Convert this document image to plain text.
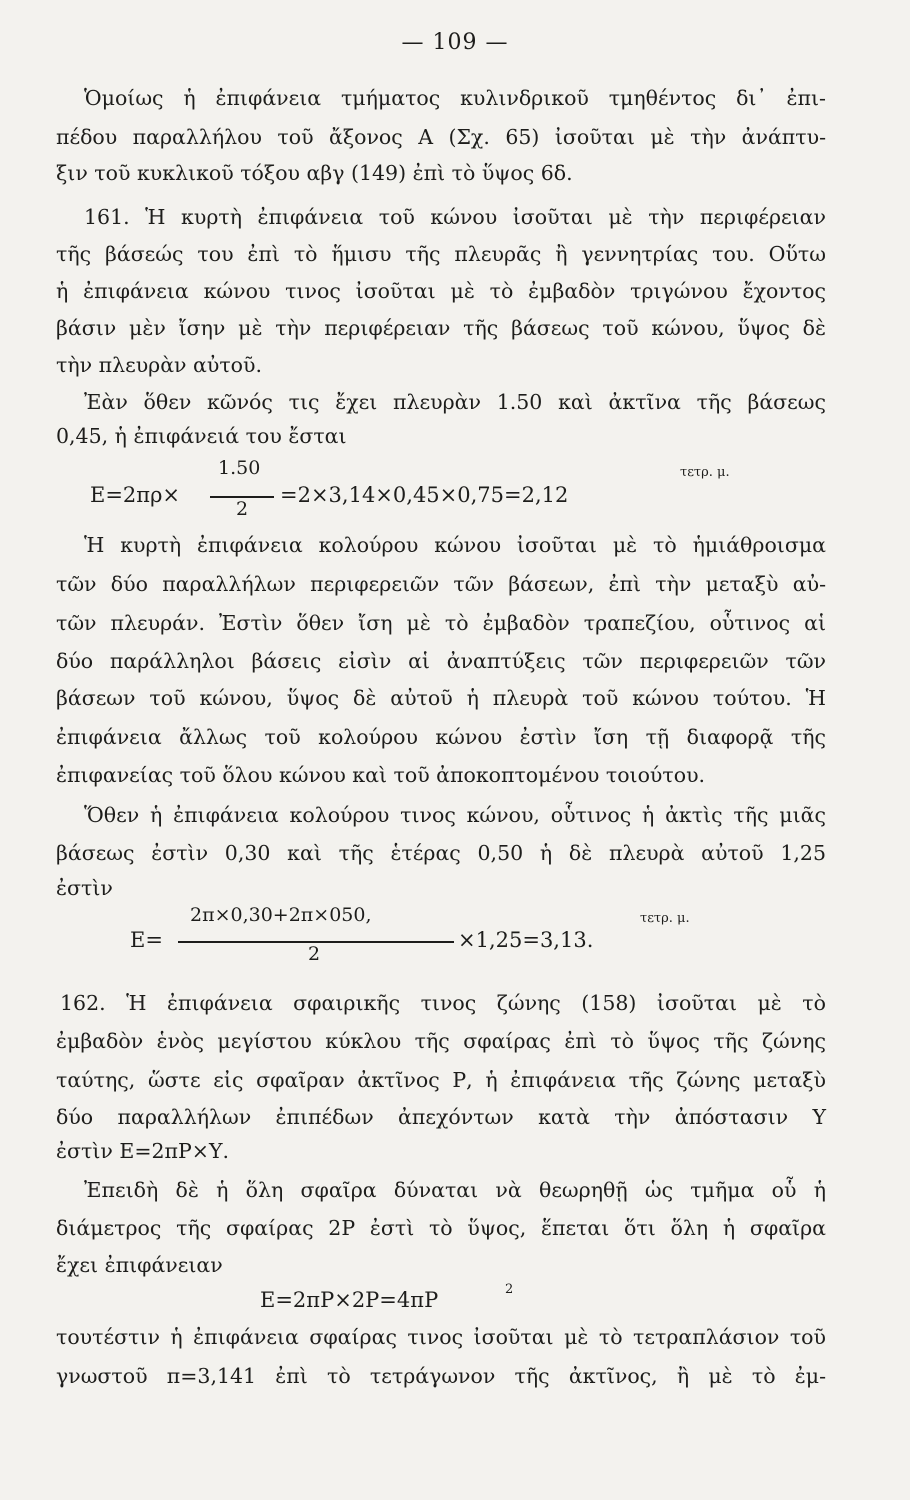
— 109 —
Ὁμοίως ἡ ἐπιφάνεια τμήματος κυλινδρικοῦ τμηθέντος δι᾽ ἐπι-
πέδου παραλλήλου τοῦ ἄξονος Α (Σχ. 65) ἰσοῦται μὲ τὴν ἀνάπτυ-
ξιν τοῦ κυκλικοῦ τόξου αβγ (149) ἐπὶ τὸ ὕψος 6δ.
161. Ἡ κυρτὴ ἐπιφάνεια τοῦ κώνου ἰσοῦται μὲ τὴν περιφέρειαν
τῆς βάσεώς του ἐπὶ τὸ ἥμισυ τῆς πλευρᾶς ἢ γεννητρίας του. Οὕτω
ἡ ἐπιφάνεια κώνου τινος ἰσοῦται μὲ τὸ ἐμβαδὸν τριγώνου ἔχοντος
βάσιν μὲν ἴσην μὲ τὴν περιφέρειαν τῆς βάσεως τοῦ κώνου, ὕψος δὲ
τὴν πλευρὰν αὐτοῦ.
Ἐὰν ὅθεν κῶνός τις ἔχει πλευρὰν 1.50 καὶ ἀκτῖνα τῆς βάσεως
0,45, ἡ ἐπιφάνειά του ἔσται
Ε=2πρ×
1.50
2
=2×3,14×0,45×0,75=2,12
τετρ. μ.
Ἡ κυρτὴ ἐπιφάνεια κολούρου κώνου ἰσοῦται μὲ τὸ ἡμιάθροισμα
τῶν δύο παραλλήλων περιφερειῶν τῶν βάσεων, ἐπὶ τὴν μεταξὺ αὐ-
τῶν πλευράν. Ἐστὶν ὅθεν ἴση μὲ τὸ ἐμβαδὸν τραπεζίου, οὗτινος αἱ
δύο παράλληλοι βάσεις εἰσὶν αἱ ἀναπτύξεις τῶν περιφερειῶν τῶν
βάσεων τοῦ κώνου, ὕψος δὲ αὐτοῦ ἡ πλευρὰ τοῦ κώνου τούτου. Ἡ
ἐπιφάνεια ἄλλως τοῦ κολούρου κώνου ἐστὶν ἴση τῇ διαφορᾷ τῆς
ἐπιφανείας τοῦ ὅλου κώνου καὶ τοῦ ἀποκοπτομένου τοιούτου.
Ὅθεν ἡ ἐπιφάνεια κολούρου τινος κώνου, οὗτινος ἡ ἀκτὶς τῆς μιᾶς
βάσεως ἐστὶν 0,30 καὶ τῆς ἑτέρας 0,50 ἡ δὲ πλευρὰ αὐτοῦ 1,25
ἐστὶν
Ε=
2π×0,30+2π×050,
2
×1,25=3,13.
τετρ. μ.
162. Ἡ ἐπιφάνεια σφαιρικῆς τινος ζώνης (158) ἰσοῦται μὲ τὸ
ἐμβαδὸν ἑνὸς μεγίστου κύκλου τῆς σφαίρας ἐπὶ τὸ ὕψος τῆς ζώνης
ταύτης, ὥστε εἰς σφαῖραν ἀκτῖνος Ρ, ἡ ἐπιφάνεια τῆς ζώνης μεταξὺ
δύο παραλλήλων ἐπιπέδων ἀπεχόντων κατὰ τὴν ἀπόστασιν Υ
ἐστὶν Ε=2πΡ×Υ.
Ἐπειδὴ δὲ ἡ ὅλη σφαῖρα δύναται νὰ θεωρηθῇ ὡς τμῆμα οὗ ἡ
διάμετρος τῆς σφαίρας 2Ρ ἐστὶ τὸ ὕψος, ἕπεται ὅτι ὅλη ἡ σφαῖρα
ἔχει ἐπιφάνειαν
Ε=2πΡ×2Ρ=4πΡ	2
τουτέστιν ἡ ἐπιφάνεια σφαίρας τινος ἰσοῦται μὲ τὸ τετραπλάσιον τοῦ
γνωστοῦ π=3,141 ἐπὶ τὸ τετράγωνον τῆς ἀκτῖνος, ἢ μὲ τὸ ἐμ-
